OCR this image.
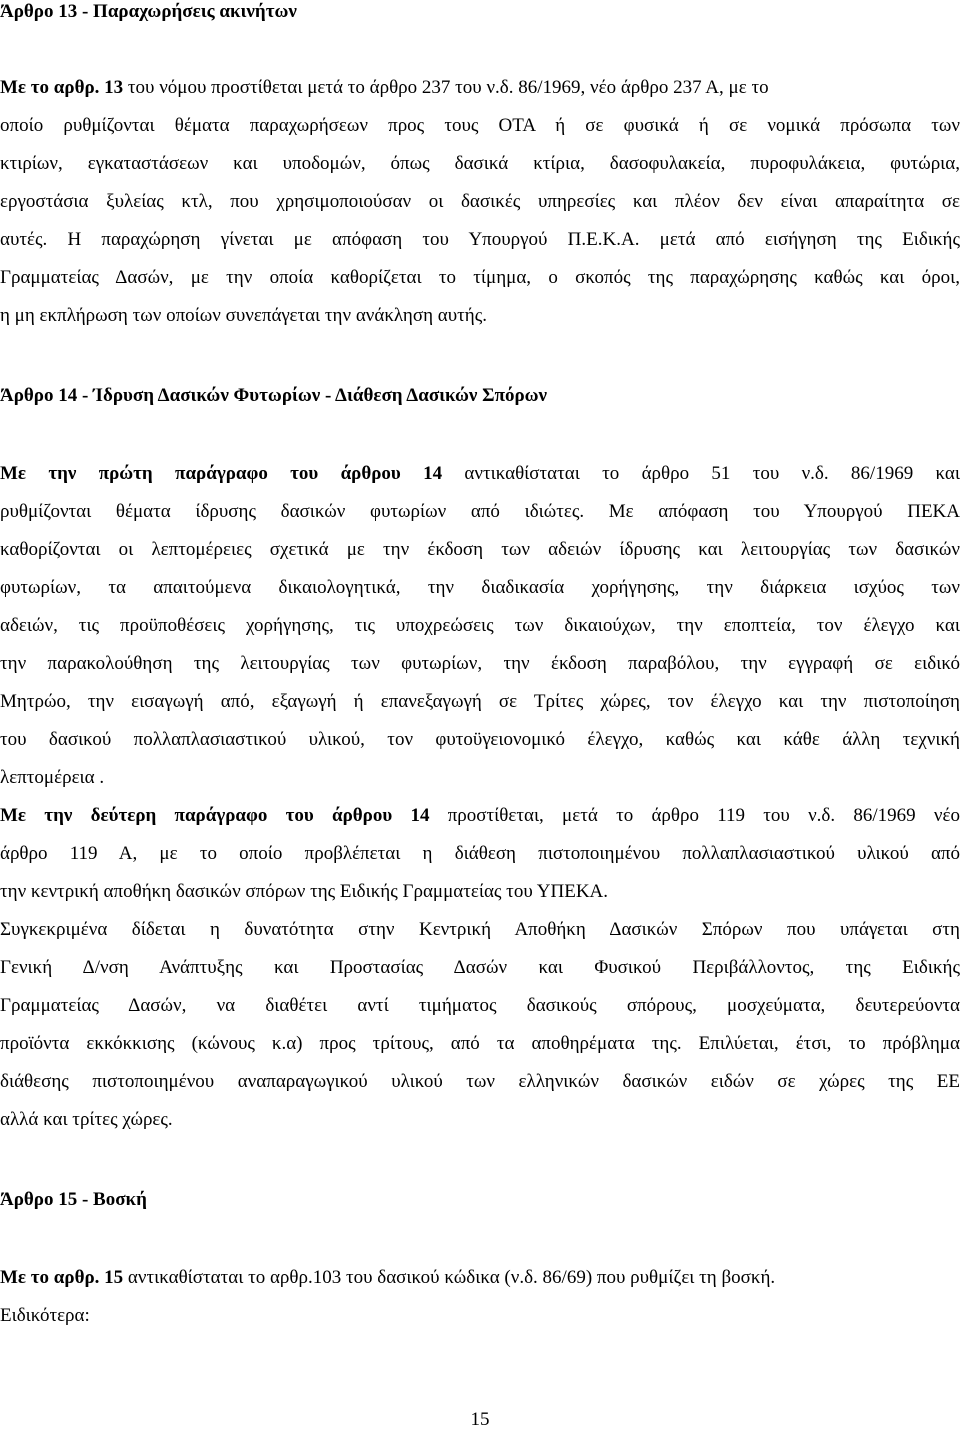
Άρθρο 13 - Παραχωρήσεις ακινήτων
Με το αρθρ. 13 του νόμου προστίθεται μετά το άρθρο 237 του ν.δ. 86/1969, νέο άρθρο 237 Α, με το
οποίο ρυθμίζονται θέματα παραχωρήσεων προς τους ΟΤΑ ή σε φυσικά ή σε νομικά πρόσωπα των
κτιρίων, εγκαταστάσεων και υποδομών, όπως δασικά κτίρια, δασοφυλακεία, πυροφυλάκεια, φυτώρια,
εργοστάσια ξυλείας κτλ, που χρησιμοποιούσαν οι δασικές υπηρεσίες και πλέον δεν είναι απαραίτητα σε
αυτές. Η παραχώρηση γίνεται με απόφαση του Υπουργού Π.Ε.Κ.Α. μετά από εισήγηση της Ειδικής
Γραμματείας Δασών, με την οποία καθορίζεται το τίμημα, ο σκοπός της παραχώρησης καθώς και όροι,
η μη εκπλήρωση των οποίων συνεπάγεται την ανάκληση αυτής.
Άρθρο 14 - Ίδρυση Δασικών Φυτωρίων - Διάθεση Δασικών Σπόρων
Με την πρώτη παράγραφο του άρθρου 14 αντικαθίσταται το άρθρο 51 του ν.δ. 86/1969 και
ρυθμίζονται θέματα ίδρυσης δασικών φυτωρίων από ιδιώτες. Με απόφαση του Υπουργού ΠΕΚΑ
καθορίζονται οι λεπτομέρειες σχετικά με την έκδοση των αδειών ίδρυσης και λειτουργίας των δασικών
φυτωρίων, τα απαιτούμενα δικαιολογητικά, την διαδικασία χορήγησης, την διάρκεια ισχύος των
αδειών, τις προϋποθέσεις χορήγησης, τις υποχρεώσεις των δικαιούχων, την εποπτεία, τον έλεγχο και
την παρακολούθηση της λειτουργίας των φυτωρίων, την έκδοση παραβόλου, την εγγραφή σε ειδικό
Μητρώο, την εισαγωγή από, εξαγωγή ή επανεξαγωγή σε Τρίτες χώρες, τον έλεγχο και την πιστοποίηση
του δασικού πολλαπλασιαστικού υλικού, τον φυτοϋγειονομικό έλεγχο, καθώς και κάθε άλλη τεχνική
λεπτομέρεια .
Με την δεύτερη παράγραφο του άρθρου 14 προστίθεται, μετά το άρθρο 119 του ν.δ. 86/1969 νέο
άρθρο 119 Α, με το οποίο προβλέπεται η διάθεση πιστοποιημένου πολλαπλασιαστικού υλικού από
την κεντρική αποθήκη δασικών σπόρων της Ειδικής Γραμματείας του ΥΠΕΚΑ.
Συγκεκριμένα δίδεται η δυνατότητα στην Κεντρική Αποθήκη Δασικών Σπόρων που υπάγεται στη
Γενική Δ/νση Ανάπτυξης και Προστασίας Δασών και Φυσικού Περιβάλλοντος, της Ειδικής
Γραμματείας Δασών, να διαθέτει αντί τιμήματος δασικούς σπόρους, μοσχεύματα, δευτερεύοντα
προϊόντα εκκόκκισης (κώνους κ.α) προς τρίτους, από τα αποθηρέματα της. Επιλύεται, έτσι, το πρόβλημα
διάθεσης πιστοποιημένου αναπαραγωγικού υλικού των ελληνικών δασικών ειδών σε χώρες της ΕΕ
αλλά και τρίτες χώρες.
Άρθρο 15 - Βοσκή
Με το αρθρ. 15 αντικαθίσταται το αρθρ.103 του δασικού κώδικα (ν.δ. 86/69) που ρυθμίζει τη βοσκή.
Ειδικότερα:
15
